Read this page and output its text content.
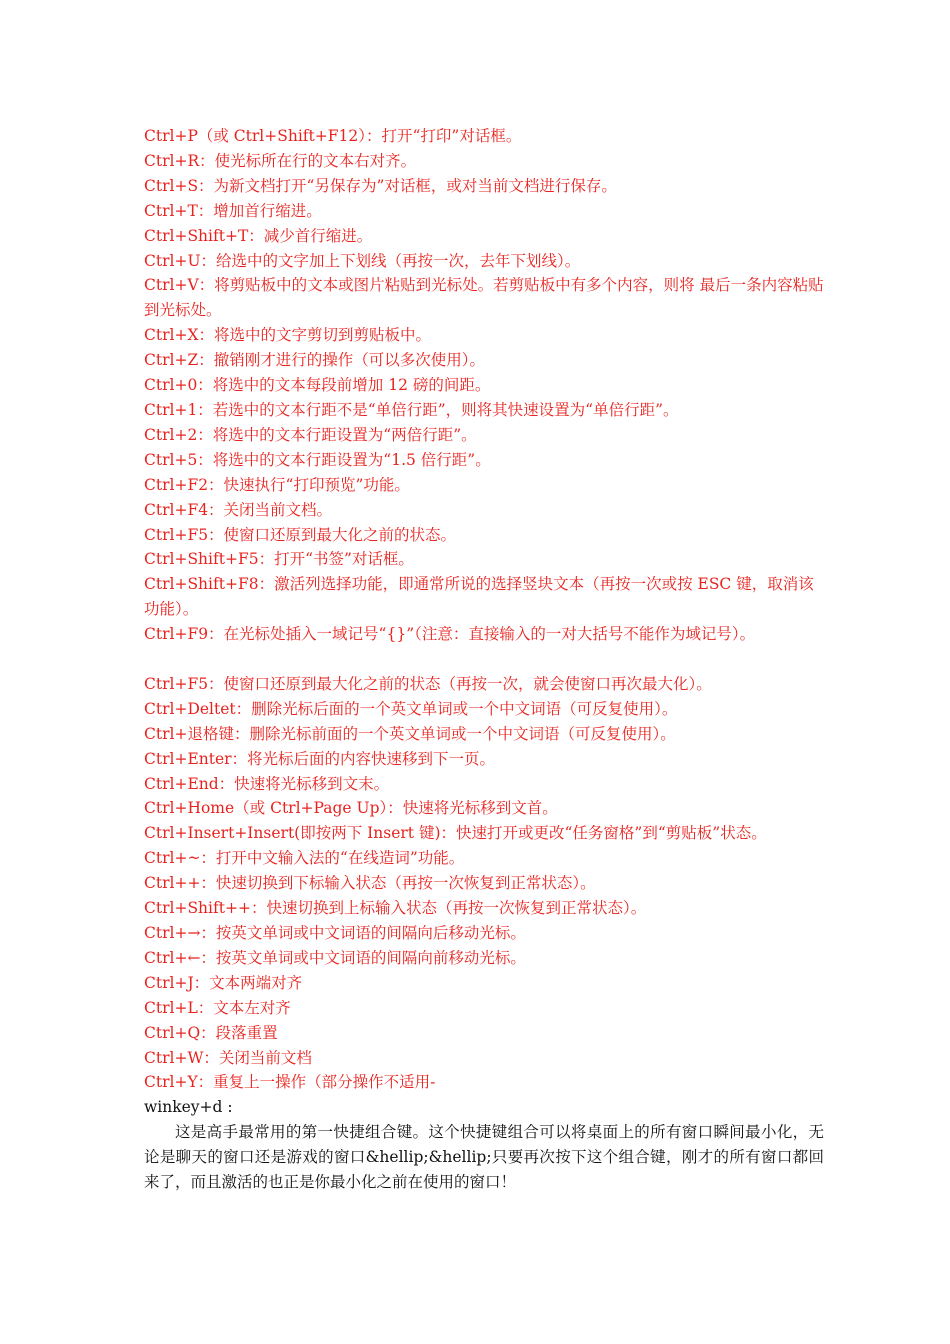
Ctrl+P（或 Ctrl+Shift+F12）：打开“打印”对话框。

Ctrl+R：使光标所在行的文本右对齐。

Ctrl+S：为新文档打开“另保存为”对话框，或对当前文档进行保存。

Ctrl+T：增加首行缩进。

Ctrl+Shift+T：减少首行缩进。

Ctrl+U：给选中的文字加上下划线（再按一次，去年下划线）。

Ctrl+V：将剪贴板中的文本或图片粘贴到光标处。若剪贴板中有多个内容，则将 最后一条内容粘贴到光标处。

Ctrl+X：将选中的文字剪切到剪贴板中。

Ctrl+Z：撤销刚才进行的操作（可以多次使用）。

Ctrl+0：将选中的文本每段前增加 12 磅的间距。

Ctrl+1：若选中的文本行距不是“单倍行距”，则将其快速设置为“单倍行距”。

Ctrl+2：将选中的文本行距设置为“两倍行距”。

Ctrl+5：将选中的文本行距设置为“1.5 倍行距”。

Ctrl+F2：快速执行“打印预览”功能。

Ctrl+F4：关闭当前文档。

Ctrl+F5：使窗口还原到最大化之前的状态。

Ctrl+Shift+F5：打开“书签”对话框。

Ctrl+Shift+F8：激活列选择功能，即通常所说的选择竖块文本（再按一次或按 ESC 键，取消该功能）。

Ctrl+F9：在光标处插入一域记号“{}”（注意：直接输入的一对大括号不能作为域记号）。

Ctrl+F5：使窗口还原到最大化之前的状态（再按一次，就会使窗口再次最大化）。

Ctrl+Deltet：删除光标后面的一个英文单词或一个中文词语（可反复使用）。

Ctrl+退格键：删除光标前面的一个英文单词或一个中文词语（可反复使用）。

Ctrl+Enter：将光标后面的内容快速移到下一页。

Ctrl+End：快速将光标移到文末。

Ctrl+Home（或 Ctrl+Page Up）：快速将光标移到文首。

Ctrl+Insert+Insert(即按两下 Insert 键)：快速打开或更改“任务窗格”到“剪贴板”状态。

Ctrl+~：打开中文输入法的“在线造词”功能。

Ctrl++：快速切换到下标输入状态（再按一次恢复到正常状态）。

Ctrl+Shift++：快速切换到上标输入状态（再按一次恢复到正常状态）。

Ctrl+→：按英文单词或中文词语的间隔向后移动光标。

Ctrl+←：按英文单词或中文词语的间隔向前移动光标。

Ctrl+J：文本两端对齐

Ctrl+L：文本左对齐

Ctrl+Q：段落重置

Ctrl+W：关闭当前文档

Ctrl+Y：重复上一操作（部分操作不适用-

winkey+d :

这是高手最常用的第一快捷组合键。这个快捷键组合可以将桌面上的所有窗口瞬间最小化，无论是聊天的窗口还是游戏的窗口&hellip;&hellip;只要再次按下这个组合键，刚才的所有窗口都回来了，而且激活的也正是你最小化之前在使用的窗口！
